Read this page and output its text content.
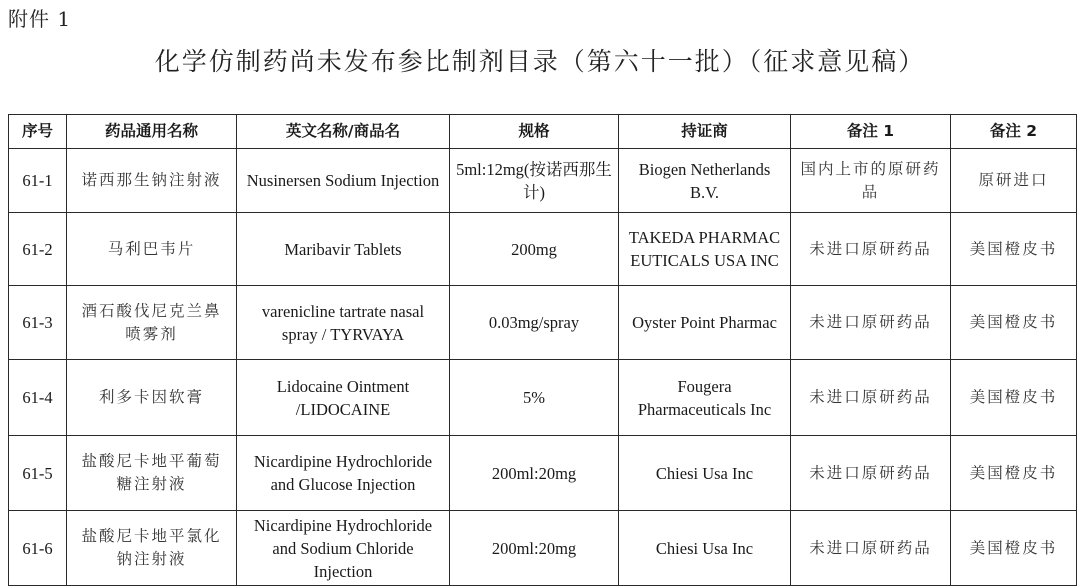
附件 1
化学仿制药尚未发布参比制剂目录（第六十一批）（征求意见稿）
序号	药品通用名称	英文名称/商品名	规格	持证商	备注 1	备注 2
61-1	诺西那生钠注射液	Nusinersen Sodium Injection	5ml:12mg(按诺西那生计)	Biogen Netherlands B.V.	国内上市的原研药品	原研进口
61-2	马利巴韦片	Maribavir Tablets	200mg	TAKEDA PHARMACEUTICALS USA INC	未进口原研药品	美国橙皮书
61-3	酒石酸伐尼克兰鼻喷雾剂	varenicline tartrate nasal spray / TYRVAYA	0.03mg/spray	Oyster Point Pharmac	未进口原研药品	美国橙皮书
61-4	利多卡因软膏	Lidocaine Ointment /LIDOCAINE	5%	Fougera Pharmaceuticals Inc	未进口原研药品	美国橙皮书
61-5	盐酸尼卡地平葡萄糖注射液	Nicardipine Hydrochloride and Glucose Injection	200ml:20mg	Chiesi Usa Inc	未进口原研药品	美国橙皮书
61-6	盐酸尼卡地平氯化钠注射液	Nicardipine Hydrochloride and Sodium Chloride Injection	200ml:20mg	Chiesi Usa Inc	未进口原研药品	美国橙皮书
